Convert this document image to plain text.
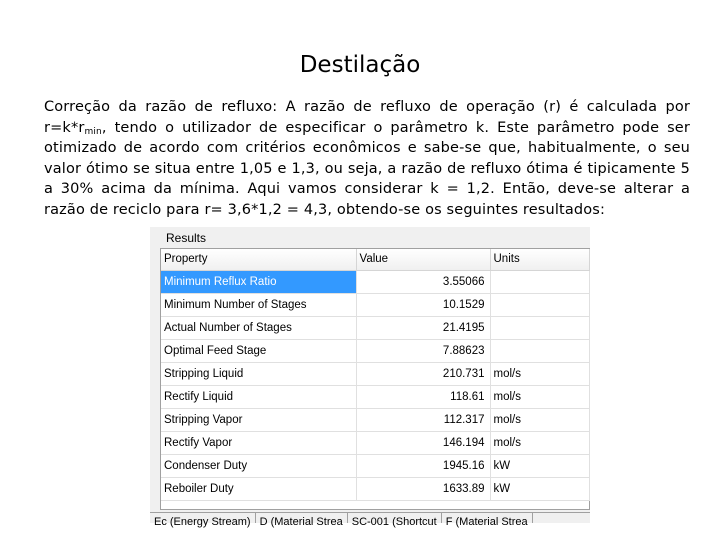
Destilação
Correção da razão de refluxo: A razão de refluxo de operação (r) é calculada por $r=k*r_{min}$, tendo o utilizador de especificar o parâmetro k. Este parâmetro pode ser otimizado de acordo com critérios econômicos e sabe-se que, habitualmente, o seu valor ótimo se situa entre 1,05 e 1,3, ou seja, a razão de refluxo ótima é tipicamente 5 a 30% acima da mínima. Aqui vamos considerar k = 1,2. Então, deve-se alterar a razão de reciclo para r= 3,6*1,2 = 4,3, obtendo-se os seguintes resultados:
Results
Property	Value	Units
Minimum Reflux Ratio	3.55066	
Minimum Number of Stages	10.1529	
Actual Number of Stages	21.4195	
Optimal Feed Stage	7.88623	
Stripping Liquid	210.731	mol/s
Rectify Liquid	118.61	mol/s
Stripping Vapor	112.317	mol/s
Rectify Vapor	146.194	mol/s
Condenser Duty	1945.16	kW
Reboiler Duty	1633.89	kW
Ec (Energy Stream) D (Material Strea SC-001 (Shortcut F (Material Strea
